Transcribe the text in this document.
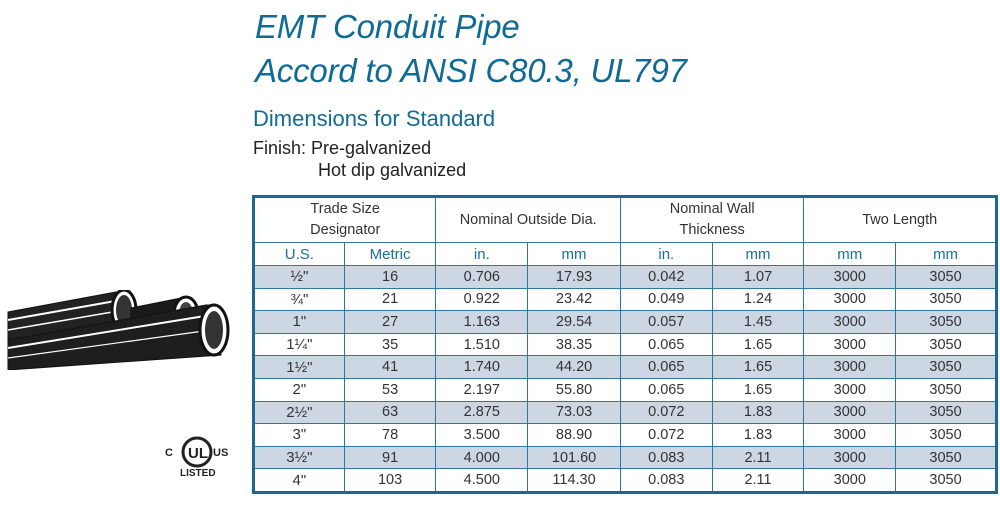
EMT Conduit Pipe
Accord to ANSI C80.3, UL797
Dimensions for Standard
Finish: Pre-galvanized
Hot dip galvanized
C UL US
LISTED
Trade Size Designator		Nominal Outside Dia.		Nominal Wall Thickness		Two Length	
U.S.	Metric	in.	mm	in.	mm	mm	mm
½"	16	0.706	17.93	0.042	1.07	3000	3050
¾"	21	0.922	23.42	0.049	1.24	3000	3050
1"	27	1.163	29.54	0.057	1.45	3000	3050
1¼"	35	1.510	38.35	0.065	1.65	3000	3050
1½"	41	1.740	44.20	0.065	1.65	3000	3050
2"	53	2.197	55.80	0.065	1.65	3000	3050
2½"	63	2.875	73.03	0.072	1.83	3000	3050
3"	78	3.500	88.90	0.072	1.83	3000	3050
3½"	91	4.000	101.60	0.083	2.11	3000	3050
4"	103	4.500	114.30	0.083	2.11	3000	3050
